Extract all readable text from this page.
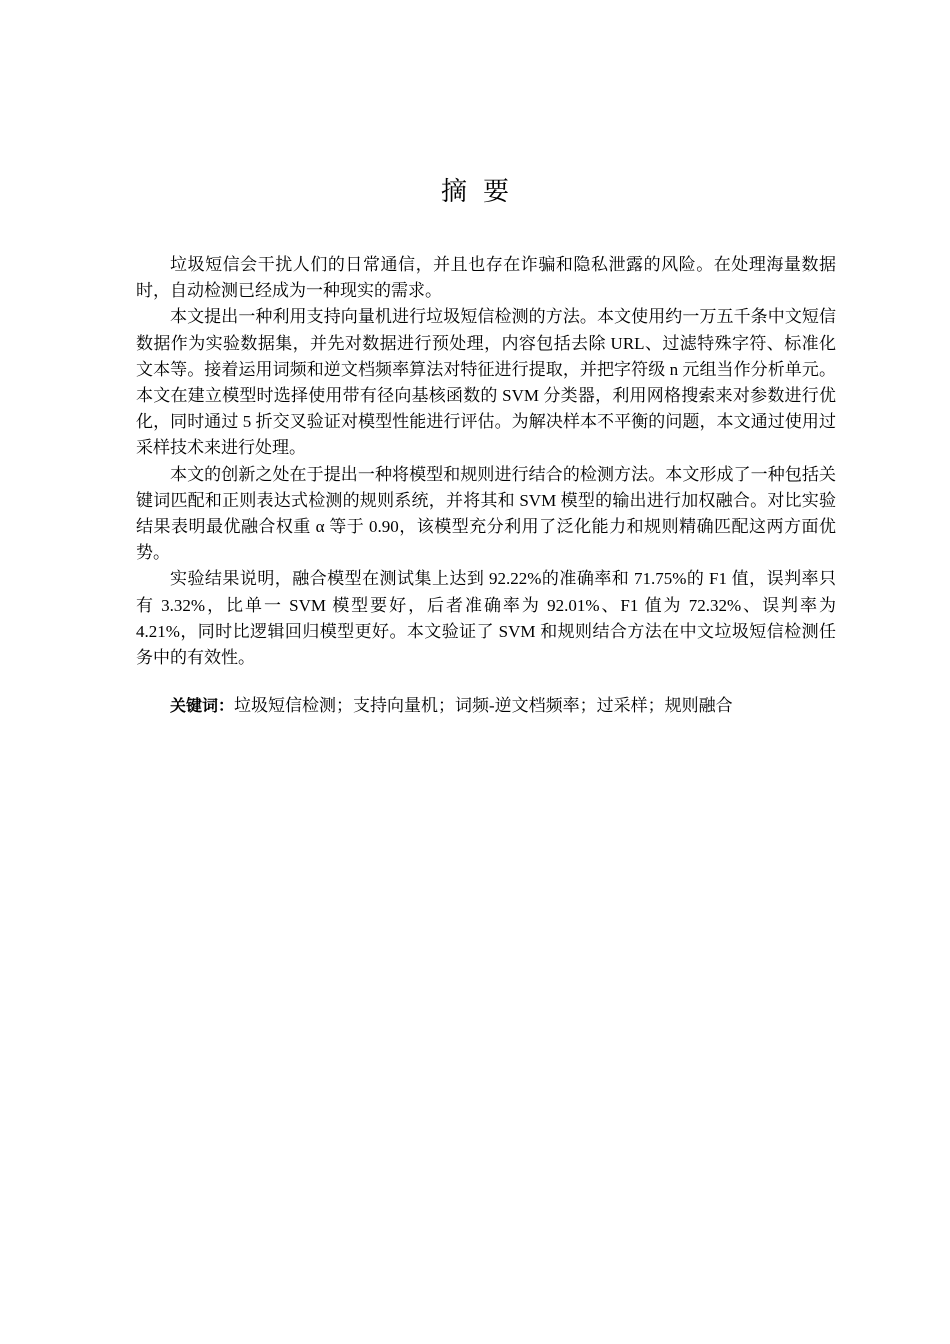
摘要

垃圾短信会干扰人们的日常通信，并且也存在诈骗和隐私泄露的风险。在处理海量数据时，自动检测已经成为一种现实的需求。

本文提出一种利用支持向量机进行垃圾短信检测的方法。本文使用约一万五千条中文短信数据作为实验数据集，并先对数据进行预处理，内容包括去除 URL、过滤特殊字符、标准化文本等。接着运用词频和逆文档频率算法对特征进行提取，并把字符级 n 元组当作分析单元。本文在建立模型时选择使用带有径向基核函数的 SVM 分类器，利用网格搜索来对参数进行优化，同时通过 5 折交叉验证对模型性能进行评估。为解决样本不平衡的问题，本文通过使用过采样技术来进行处理。

本文的创新之处在于提出一种将模型和规则进行结合的检测方法。本文形成了一种包括关键词匹配和正则表达式检测的规则系统，并将其和 SVM 模型的输出进行加权融合。对比实验结果表明最优融合权重 α 等于 0.90，该模型充分利用了泛化能力和规则精确匹配这两方面优势。

实验结果说明，融合模型在测试集上达到 92.22%的准确率和 71.75%的 F1 值，误判率只有 3.32%，比单一 SVM 模型要好，后者准确率为 92.01%、F1 值为 72.32%、误判率为 4.21%，同时比逻辑回归模型更好。本文验证了 SVM 和规则结合方法在中文垃圾短信检测任务中的有效性。

关键词：垃圾短信检测；支持向量机；词频-逆文档频率；过采样；规则融合
